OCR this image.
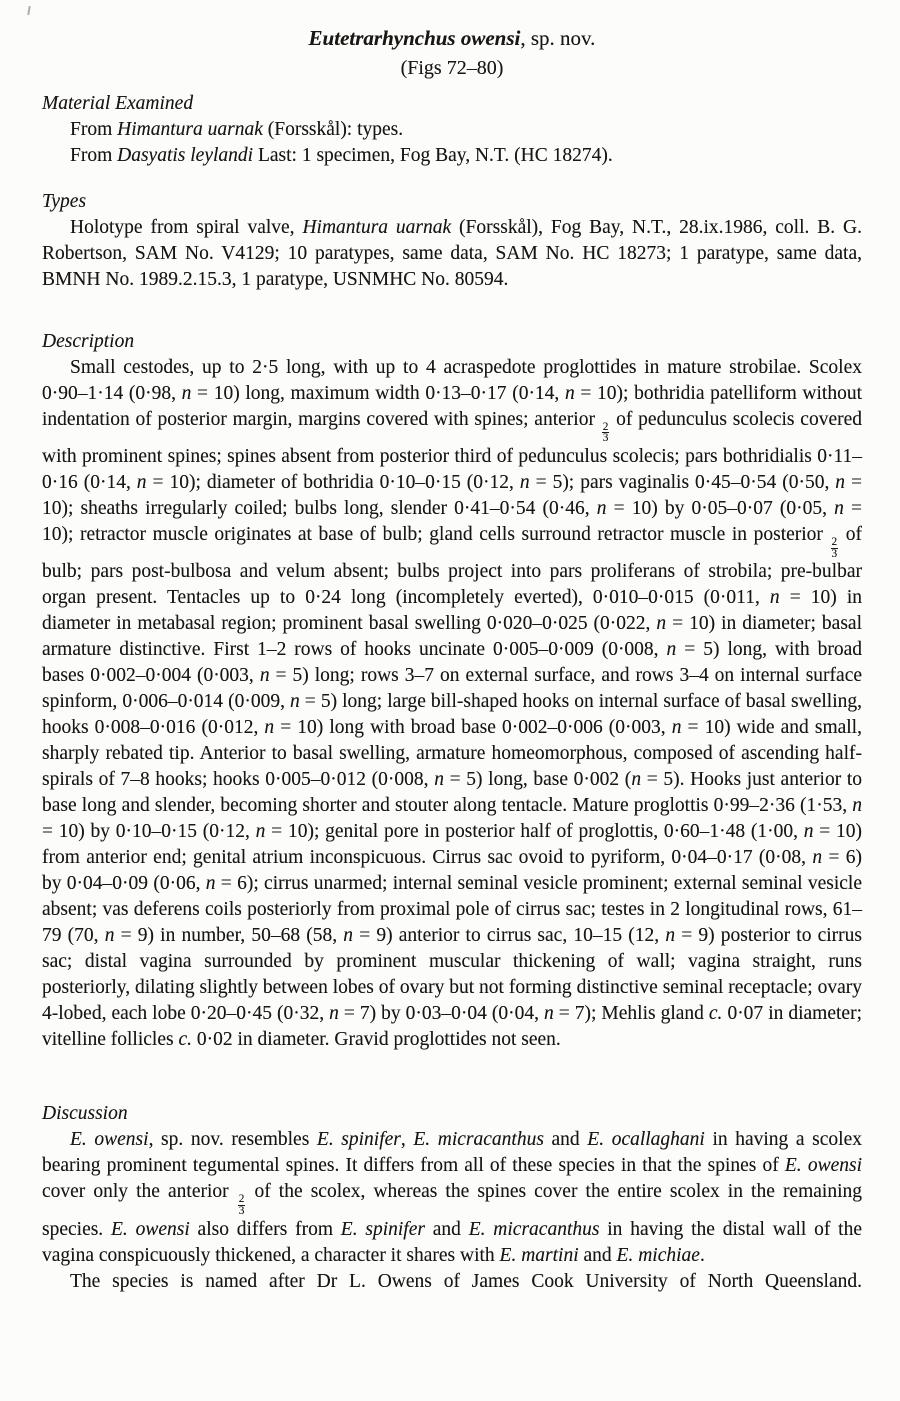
Eutetrarhynchus owensi, sp. nov.
(Figs 72–80)
Material Examined
From Himantura uarnak (Forsskål): types.
From Dasyatis leylandi Last: 1 specimen, Fog Bay, N.T. (HC 18274).
Types
Holotype from spiral valve, Himantura uarnak (Forsskål), Fog Bay, N.T., 28.ix.1986, coll. B. G. Robertson, SAM No. V4129; 10 paratypes, same data, SAM No. HC 18273; 1 paratype, same data, BMNH No. 1989.2.15.3, 1 paratype, USNMHC No. 80594.
Description
Small cestodes, up to 2·5 long, with up to 4 acraspedote proglottides in mature strobilae. Scolex 0·90–1·14 (0·98, n = 10) long, maximum width 0·13–0·17 (0·14, n = 10); bothridia patelliform without indentation of posterior margin, margins covered with spines; anterior
$\frac{2}{3}$
of pedunculus scolecis covered with prominent spines; spines absent from posterior third of pedunculus scolecis; pars bothridialis 0·11–0·16 (0·14, n = 10); diameter of bothridia 0·10–0·15 (0·12, n = 5); pars vaginalis 0·45–0·54 (0·50, n = 10); sheaths irregularly coiled; bulbs long, slender 0·41–0·54 (0·46, n = 10) by 0·05–0·07 (0·05, n = 10); retractor muscle originates at base of bulb; gland cells surround retractor muscle in posterior
$\frac{2}{3}$
of bulb; pars post-bulbosa and velum absent; bulbs project into pars proliferans of strobila; pre-bulbar organ present. Tentacles up to 0·24 long (incompletely everted), 0·010–0·015 (0·011, n = 10) in diameter in metabasal region; prominent basal swelling 0·020–0·025 (0·022, n = 10) in diameter; basal armature distinctive. First 1–2 rows of hooks uncinate 0·005–0·009 (0·008, n = 5) long, with broad bases 0·002–0·004 (0·003, n = 5) long; rows 3–7 on external surface, and rows 3–4 on internal surface spinform, 0·006–0·014 (0·009, n = 5) long; large bill-shaped hooks on internal surface of basal swelling, hooks 0·008–0·016 (0·012, n = 10) long with broad base 0·002–0·006 (0·003, n = 10) wide and small, sharply rebated tip. Anterior to basal swelling, armature homeomorphous, composed of ascending half-spirals of 7–8 hooks; hooks 0·005–0·012 (0·008, n = 5) long, base 0·002 (n = 5). Hooks just anterior to base long and slender, becoming shorter and stouter along tentacle. Mature proglottis 0·99–2·36 (1·53, n = 10) by 0·10–0·15 (0·12, n = 10); genital pore in posterior half of proglottis, 0·60–1·48 (1·00, n = 10) from anterior end; genital atrium inconspicuous. Cirrus sac ovoid to pyriform, 0·04–0·17 (0·08, n = 6) by 0·04–0·09 (0·06, n = 6); cirrus unarmed; internal seminal vesicle prominent; external seminal vesicle absent; vas deferens coils posteriorly from proximal pole of cirrus sac; testes in 2 longitudinal rows, 61–79 (70, n = 9) in number, 50–68 (58, n = 9) anterior to cirrus sac, 10–15 (12, n = 9) posterior to cirrus sac; distal vagina surrounded by prominent muscular thickening of wall; vagina straight, runs posteriorly, dilating slightly between lobes of ovary but not forming distinctive seminal receptacle; ovary 4-lobed, each lobe 0·20–0·45 (0·32, n = 7) by 0·03–0·04 (0·04, n = 7); Mehlis gland c. 0·07 in diameter; vitelline follicles c. 0·02 in diameter. Gravid proglottides not seen.
Discussion
E. owensi, sp. nov. resembles E. spinifer, E. micracanthus and E. ocallaghani in having a scolex bearing prominent tegumental spines. It differs from all of these species in that the spines of E. owensi cover only the anterior
$\frac{2}{3}$
of the scolex, whereas the spines cover the entire scolex in the remaining species. E. owensi also differs from E. spinifer and E. micracanthus in having the distal wall of the vagina conspicuously thickened, a character it shares with E. martini and E. michiae.
The species is named after Dr L. Owens of James Cook University of North Queensland.
